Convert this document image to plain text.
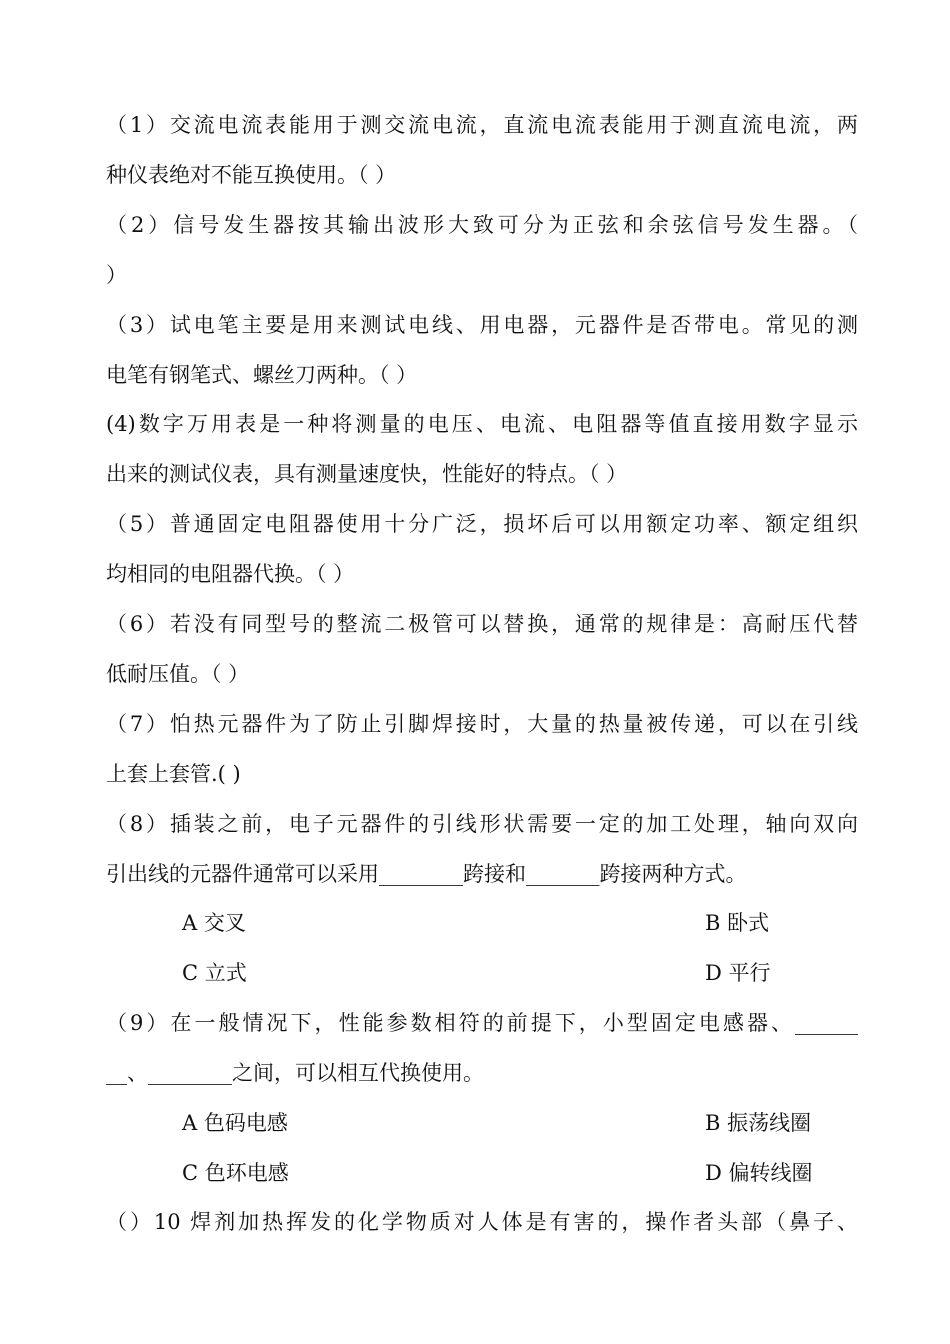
（1）交流电流表能用于测交流电流，直流电流表能用于测直流电流，两
种仪表绝对不能互换使用。（ ）
（2）信号发生器按其输出波形大致可分为正弦和余弦信号发生器。（
）
（3）试电笔主要是用来测试电线、用电器，元器件是否带电。常见的测
电笔有钢笔式、螺丝刀两种。（ ）
(4)数字万用表是一种将测量的电压、电流、电阻器等值直接用数字显示
出来的测试仪表，具有测量速度快，性能好的特点。（ ）
（5）普通固定电阻器使用十分广泛，损坏后可以用额定功率、额定组织
均相同的电阻器代换。（ ）
（6）若没有同型号的整流二极管可以替换，通常的规律是：高耐压代替
低耐压值。（ ）
（7）怕热元器件为了防止引脚焊接时，大量的热量被传递，可以在引线
上套上套管.( )
（8）插装之前，电子元器件的引线形状需要一定的加工处理，轴向双向
引出线的元器件通常可以采用________跨接和_______跨接两种方式。
A 交叉	B 卧式
C 立式	D 平行
（9）在一般情况下，性能参数相符的前提下，小型固定电感器、______
__、________之间，可以相互代换使用。
A 色码电感	B 振荡线圈
C 色环电感	D 偏转线圈
（）10 焊剂加热挥发的化学物质对人体是有害的，操作者头部（鼻子、
